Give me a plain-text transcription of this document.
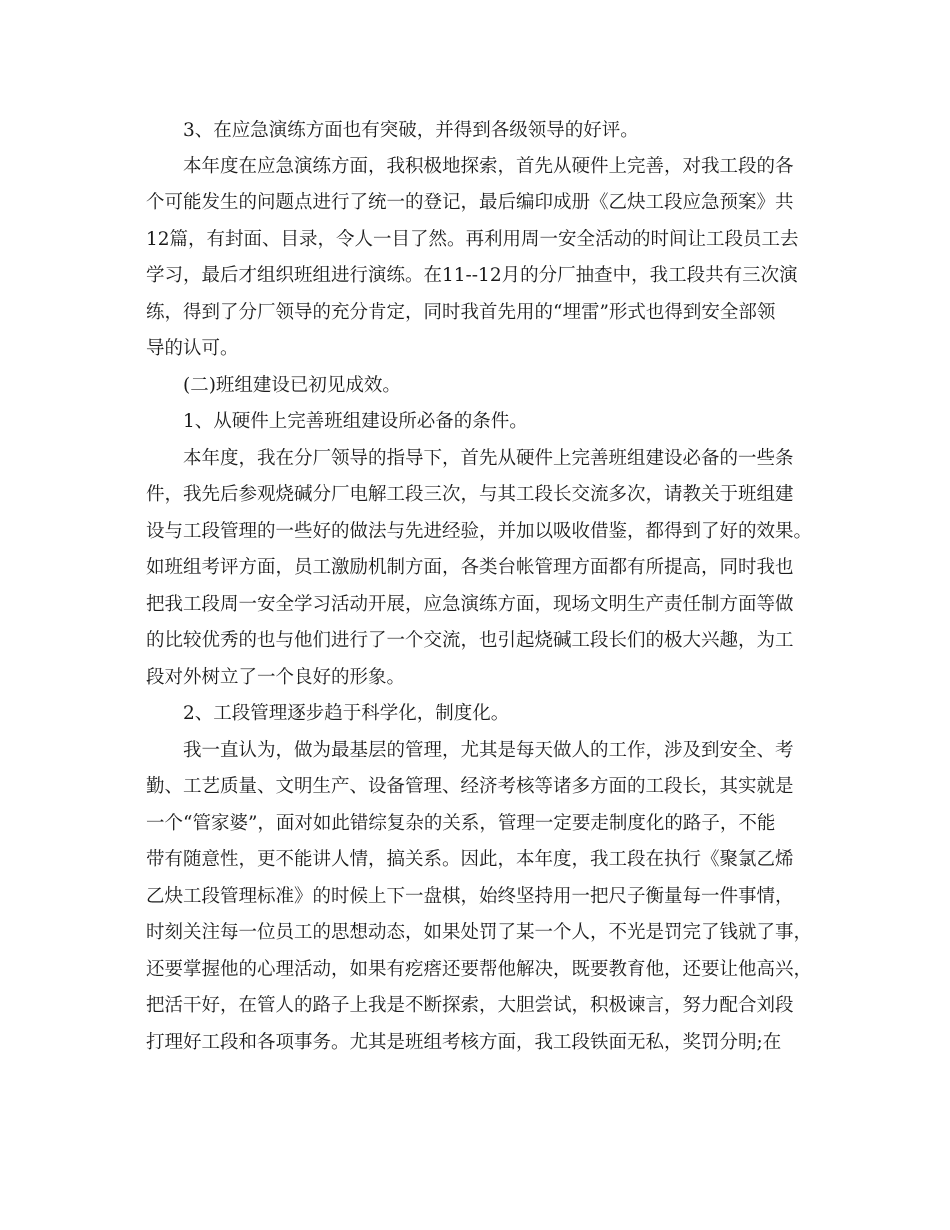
3、在应急演练方面也有突破，并得到各级领导的好评。

本年度在应急演练方面，我积极地探索，首先从硬件上完善，对我工段的各

个可能发生的问题点进行了统一的登记，最后编印成册《乙炔工段应急预案》共

12篇，有封面、目录，令人一目了然。再利用周一安全活动的时间让工段员工去

学习，最后才组织班组进行演练。在11--12月的分厂抽查中，我工段共有三次演

练，得到了分厂领导的充分肯定，同时我首先用的“埋雷”形式也得到安全部领

导的认可。

(二)班组建设已初见成效。

1、从硬件上完善班组建设所必备的条件。

本年度，我在分厂领导的指导下，首先从硬件上完善班组建设必备的一些条

件，我先后参观烧碱分厂电解工段三次，与其工段长交流多次，请教关于班组建

设与工段管理的一些好的做法与先进经验，并加以吸收借鉴，都得到了好的效果。

如班组考评方面，员工激励机制方面，各类台帐管理方面都有所提高，同时我也

把我工段周一安全学习活动开展，应急演练方面，现场文明生产责任制方面等做

的比较优秀的也与他们进行了一个交流，也引起烧碱工段长们的极大兴趣，为工

段对外树立了一个良好的形象。

2、工段管理逐步趋于科学化，制度化。

我一直认为，做为最基层的管理，尤其是每天做人的工作，涉及到安全、考

勤、工艺质量、文明生产、设备管理、经济考核等诸多方面的工段长，其实就是

一个“管家婆”，面对如此错综复杂的关系，管理一定要走制度化的路子，不能

带有随意性，更不能讲人情，搞关系。因此，本年度，我工段在执行《聚氯乙烯

乙炔工段管理标准》的时候上下一盘棋，始终坚持用一把尺子衡量每一件事情，

时刻关注每一位员工的思想动态，如果处罚了某一个人，不光是罚完了钱就了事，

还要掌握他的心理活动，如果有疙瘩还要帮他解决，既要教育他，还要让他高兴，

把活干好，在管人的路子上我是不断探索，大胆尝试，积极谏言，努力配合刘段

打理好工段和各项事务。尤其是班组考核方面，我工段铁面无私，奖罚分明;在
